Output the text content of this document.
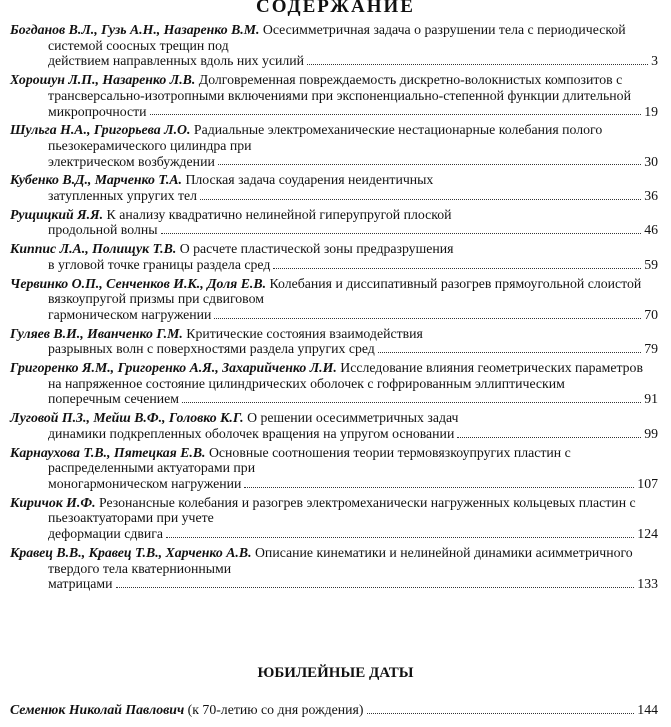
СОДЕРЖАНИЕ
Богданов В.Л., Гузь А.Н., Назаренко В.М. Осесимметричная задача о разрушении тела с периодической системой соосных трещин под
действием направленных вдоль них усилий	3
Хорошун Л.П., Назаренко Л.В. Долговременная повреждаемость дискретно-волокнистых композитов с трансверсально-изотропными включениями при экспоненциально-степенной функции длительной
микропрочности	19
Шульга Н.А., Григорьева Л.О. Радиальные электромеханические нестационарные колебания полого пьезокерамического цилиндра при
электрическом возбуждении	30
Кубенко В.Д., Марченко Т.А. Плоская задача соударения неидентичных
затупленных упругих тел	36
Рущицкий Я.Я. К анализу квадратично нелинейной гиперупругой плоской
продольной волны	46
Киппис Л.А., Полищук Т.В. О расчете пластической зоны предразрушения
в угловой точке границы раздела сред	59
Червинко О.П., Сенченков И.К., Доля Е.В. Колебания и диссипативный разогрев прямоугольной слоистой вязкоупругой призмы при сдвиговом
гармоническом нагружении	70
Гуляев В.И., Иванченко Г.М. Критические состояния взаимодействия
разрывных волн с поверхностями раздела упругих сред	79
Григоренко Я.М., Григоренко А.Я., Захарийченко Л.И. Исследование влияния геометрических параметров на напряженное состояние цилиндрических оболочек с гофрированным эллиптическим
поперечным сечением	91
Луговой П.З., Мейш В.Ф., Головко К.Г. О решении осесимметричных задач
динамики подкрепленных оболочек вращения на упругом основании	99
Карнаухова Т.В., Пятецкая Е.В. Основные соотношения теории термовязкоупругих пластин с распределенными актуаторами при
моногармоническом нагружении	107
Киричок И.Ф. Резонансные колебания и разогрев электромеханически нагруженных кольцевых пластин с пьезоактуаторами при учете
деформации сдвига	124
Кравец В.В., Кравец Т.В., Харченко А.В. Описание кинематики и нелинейной динамики асимметричного твердого тела кватернионными
матрицами	133
ЮБИЛЕЙНЫЕ ДАТЫ
Семенюк Николай Павлович
(к 70-летию со дня рождения)	144
